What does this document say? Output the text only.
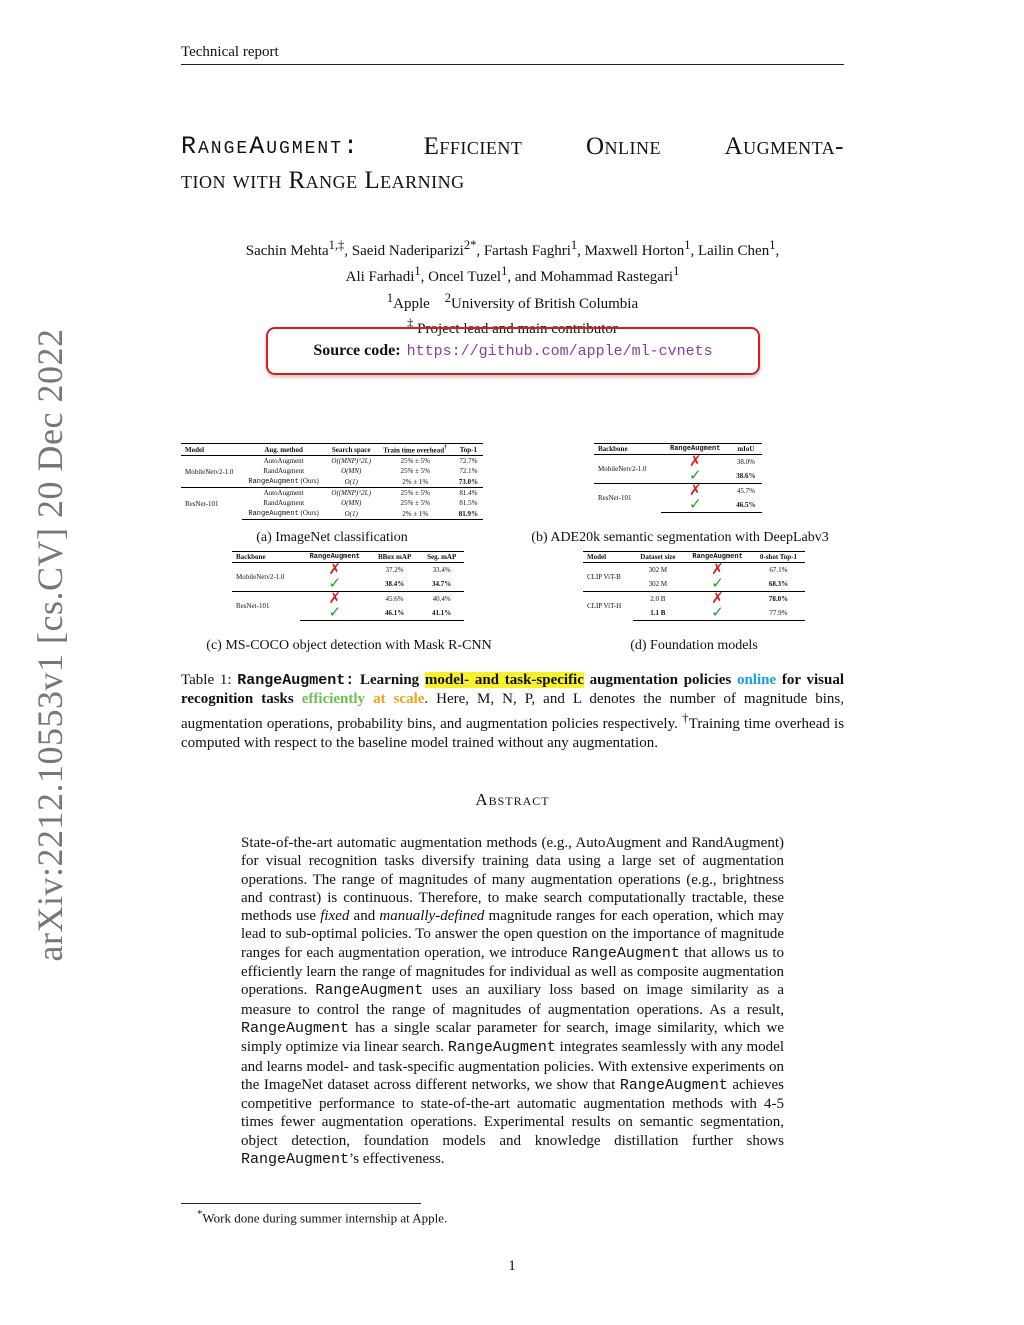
Technical report
arXiv:2212.10553v1 [cs.CV] 20 Dec 2022
RangeAugment:	Efficient	Online	Augmenta-
tion with Range Learning
Sachin Mehta$^{1,\ddagger}$, Saeid Naderiparizi$^{2*}$, Fartash Faghri$^1$, Maxwell Horton$^1$, Lailin Chen$^1$,
Ali Farhadi$^1$, Oncel Tuzel$^1$, and Mohammad Rastegari$^1$
$^1$Apple $^2$University of British Columbia
‡ Project lead and main contributor
Source code : https://github.com/apple/ml-cvnets
Model	Aug. method	Search space	Train time overhead†	Top-1
MobileNetv2-1.0	AutoAugment	O((MNP)^2L)	25% ± 5%	72.7%
	RandAugment	O(MN)	25% ± 5%	72.1%
	RangeAugment (Ours)	O(1)	2% ± 1%	73.0%
ResNet-101	AutoAugment	O((MNP)^2L)	25% ± 5%	81.4%
	RandAugment	O(MN)	25% ± 5%	81.5%
	RangeAugment (Ours)	O(1)	2% ± 1%	81.9%
(a) ImageNet classification
Backbone	RangeAugment	mIoU
MobileNetv2-1.0	✗	38.0%
	✓	38.6%
ResNet-101	✗	45.7%
	✓	46.5%
(b) ADE20k semantic segmentation with DeepLabv3
Backbone	RangeAugment	BBox mAP	Seg. mAP
MobileNetv2-1.0	✗	37.2%	33.4%
	✓	38.4%	34.7%
ResNet-101	✗	45.6%	40.4%
	✓	46.1%	41.1%
(c) MS-COCO object detection with Mask R-CNN
Model	Dataset size	RangeAugment	0-shot Top-1
CLIP ViT-B	302 M	✗	67.1%
	302 M	✓	68.3%
CLIP ViT-H	2.0 B	✗	78.0%
	1.1 B	✓	77.9%
(d) Foundation models
Table 1: RangeAugment: Learning model- and task-specific augmentation policies online for visual recognition tasks efficiently at scale. Here, M, N, P, and L denotes the number of magnitude bins, augmentation operations, probability bins, and augmentation policies respectively. †Training time overhead is computed with respect to the baseline model trained without any augmentation.
Abstract
State-of-the-art automatic augmentation methods (e.g., AutoAugment and RandAugment) for visual recognition tasks diversify training data using a large set of augmentation operations. The range of magnitudes of many augmentation operations (e.g., brightness and contrast) is continuous. Therefore, to make search computationally tractable, these methods use fixed and manually-defined magnitude ranges for each operation, which may lead to sub-optimal policies. To answer the open question on the importance of magnitude ranges for each augmentation operation, we introduce RangeAugment that allows us to efficiently learn the range of magnitudes for individual as well as composite augmentation operations. RangeAugment uses an auxiliary loss based on image similarity as a measure to control the range of magnitudes of augmentation operations. As a result, RangeAugment has a single scalar parameter for search, image similarity, which we simply optimize via linear search. RangeAugment integrates seamlessly with any model and learns model- and task-specific augmentation policies. With extensive experiments on the ImageNet dataset across different networks, we show that RangeAugment achieves competitive performance to state-of-the-art automatic augmentation methods with 4-5 times fewer augmentation operations. Experimental results on semantic segmentation, object detection, foundation models and knowledge distillation further shows RangeAugment’s effectiveness.
*Work done during summer internship at Apple.
1
